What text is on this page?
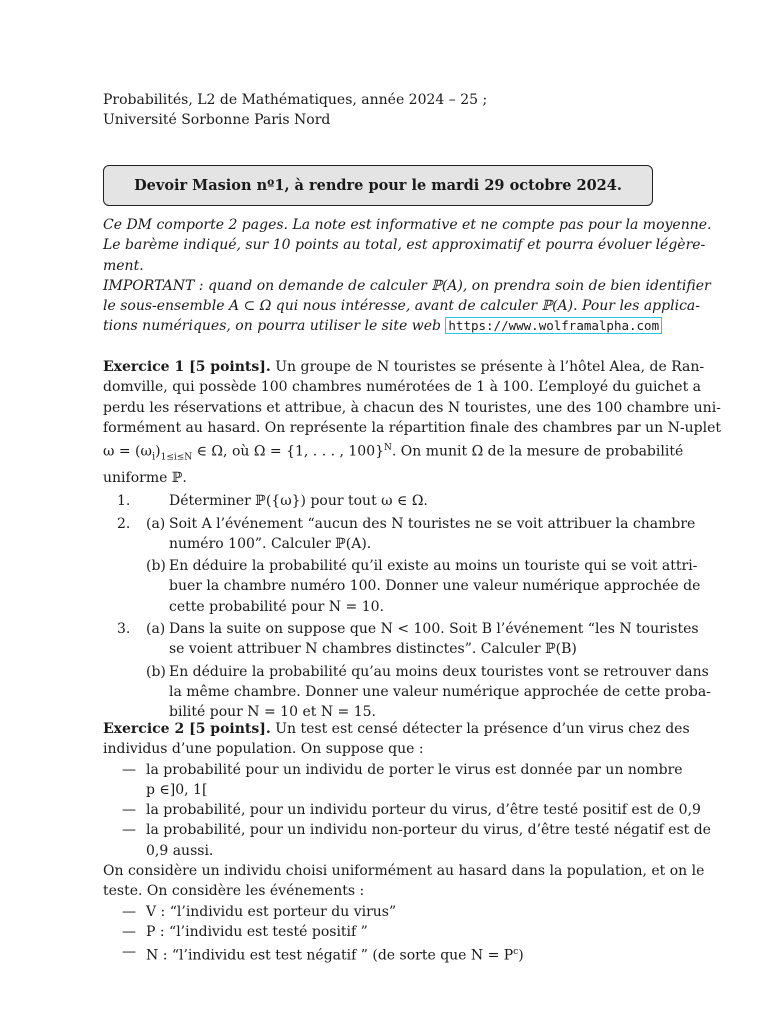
Probabilités, L2 de Mathématiques, année 2024 – 25 ;
Université Sorbonne Paris Nord
Devoir Masion nº1, à rendre pour le mardi 29 octobre 2024.
Ce DM comporte 2 pages. La note est informative et ne compte pas pour la moyenne.
Le barème indiqué, sur 10 points au total, est approximatif et pourra évoluer légère-
ment.
IMPORTANT : quand on demande de calculer ℙ(A), on prendra soin de bien identifier
le sous-ensemble A ⊂ Ω qui nous intéresse, avant de calculer ℙ(A). Pour les applica-
tions numériques, on pourra utiliser le site web https://www.wolframalpha.com
Exercice 1 [5 points]. Un groupe de N touristes se présente à l’hôtel Alea, de Ran-
domville, qui possède 100 chambres numérotées de 1 à 100. L’employé du guichet a
perdu les réservations et attribue, à chacun des N touristes, une des 100 chambre uni-
formément au hasard. On représente la répartition finale des chambres par un N-uplet
$\omega = (\omega_i)_{1\le i\le N}$ ∈ Ω, où Ω = {1, . . . , 100}$^N$. On munit Ω de la mesure de probabilité
uniforme ℙ.
1.	Déterminer ℙ({ω}) pour tout ω ∈ Ω.
2. (a) Soit A l’événement “aucun des N touristes ne se voit attribuer la chambre
numéro 100”. Calculer ℙ(A).
(b) En déduire la probabilité qu’il existe au moins un touriste qui se voit attri-
buer la chambre numéro 100. Donner une valeur numérique approchée de
cette probabilité pour N = 10.
3. (a) Dans la suite on suppose que N < 100. Soit B l’événement “les N touristes
se voient attribuer N chambres distinctes”. Calculer ℙ(B)
(b) En déduire la probabilité qu’au moins deux touristes vont se retrouver dans
la même chambre. Donner une valeur numérique approchée de cette proba-
bilité pour N = 10 et N = 15.
Exercice 2 [5 points]. Un test est censé détecter la présence d’un virus chez des
individus d’une population. On suppose que :
— la probabilité pour un individu de porter le virus est donnée par un nombre
p ∈]0, 1[
— la probabilité, pour un individu porteur du virus, d’être testé positif est de 0,9
— la probabilité, pour un individu non-porteur du virus, d’être testé négatif est de
0,9 aussi.
On considère un individu choisi uniformément au hasard dans la population, et on le
teste. On considère les événements :
— V : “l’individu est porteur du virus”
— P : “l’individu est testé positif ”
— N : “l’individu est test négatif ” (de sorte que $N = P^c$)
